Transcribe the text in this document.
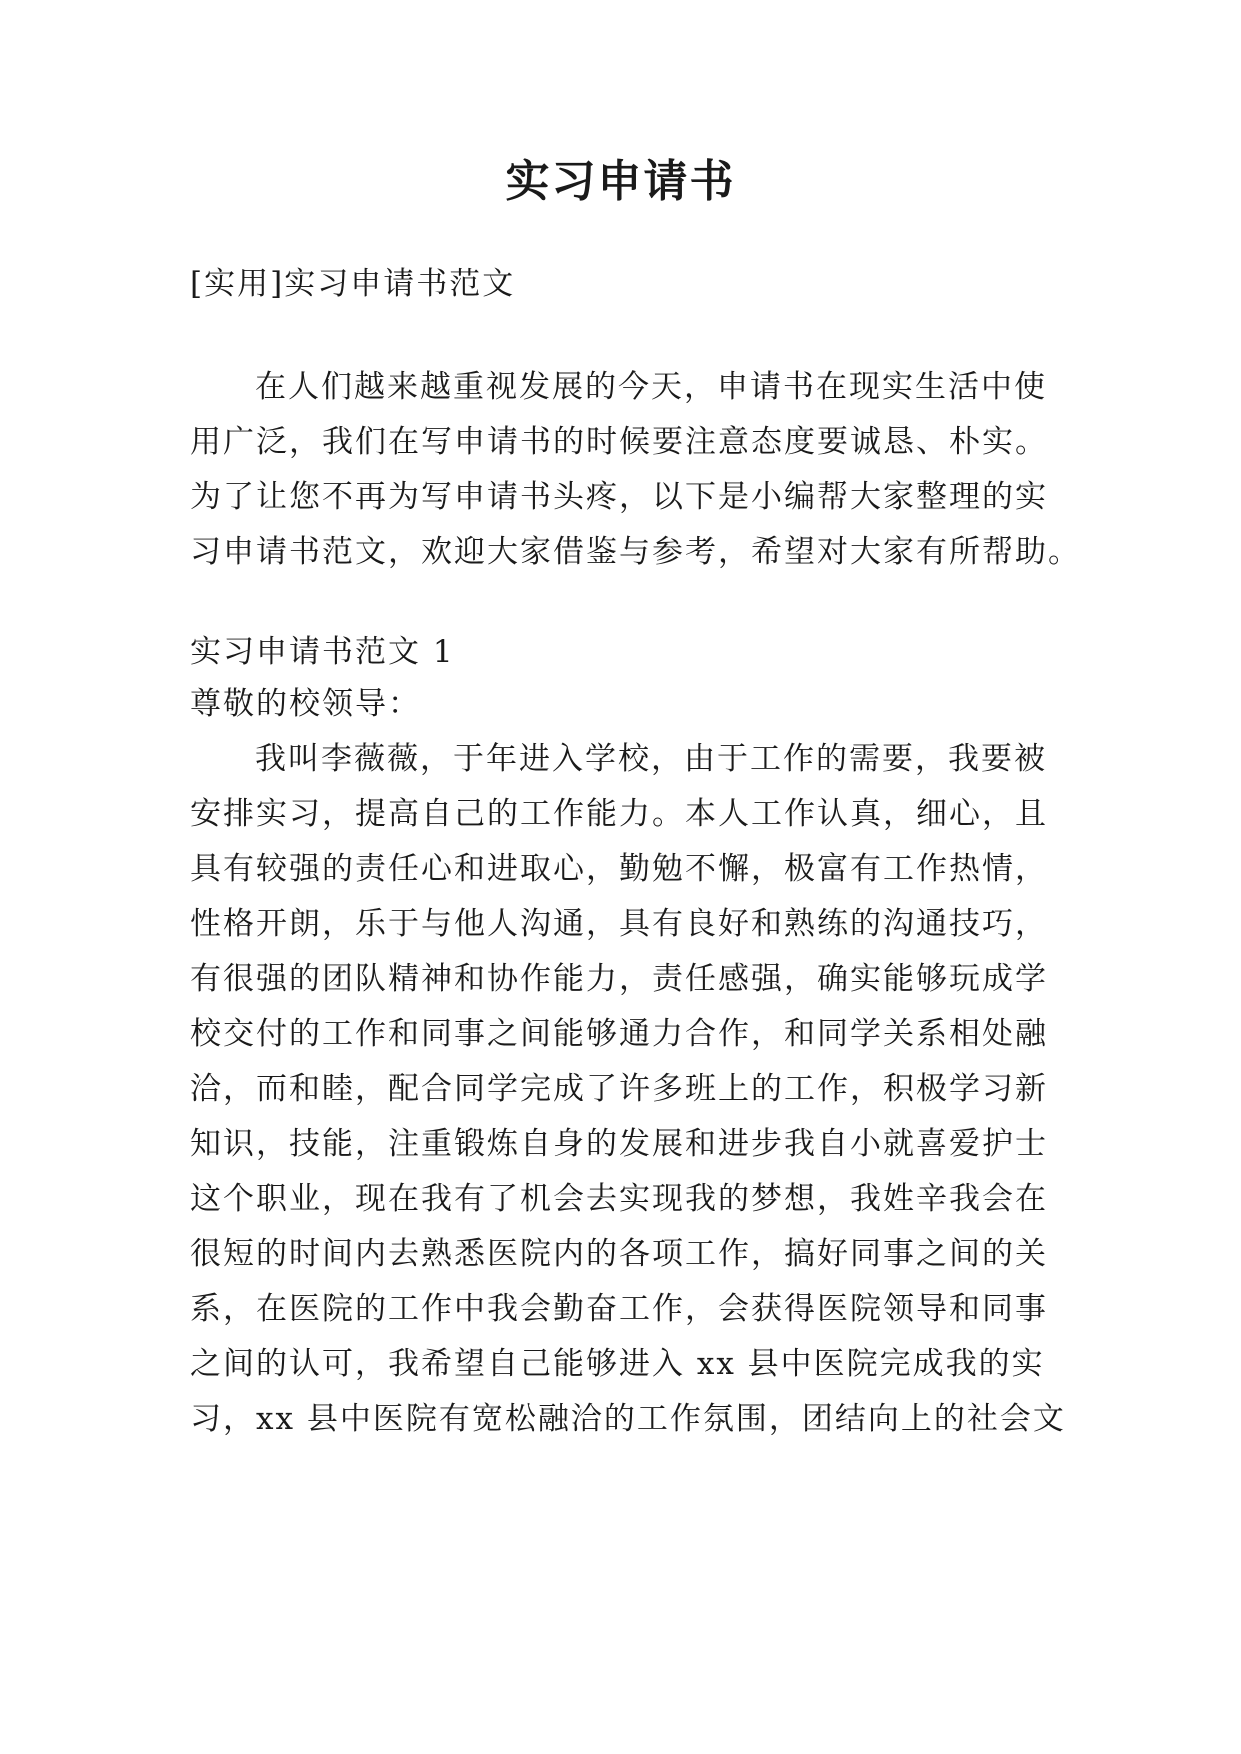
实习申请书
[实用]实习申请书范文
在人们越来越重视发展的今天，申请书在现实生活中使
用广泛，我们在写申请书的时候要注意态度要诚恳、朴实。
为了让您不再为写申请书头疼，以下是小编帮大家整理的实
习申请书范文，欢迎大家借鉴与参考，希望对大家有所帮助。
实习申请书范文 1
尊敬的校领导：
我叫李薇薇，于年进入学校，由于工作的需要，我要被
安排实习，提高自己的工作能力。本人工作认真，细心，且
具有较强的责任心和进取心，勤勉不懈，极富有工作热情，
性格开朗，乐于与他人沟通，具有良好和熟练的沟通技巧，
有很强的团队精神和协作能力，责任感强，确实能够玩成学
校交付的工作和同事之间能够通力合作，和同学关系相处融
洽，而和睦，配合同学完成了许多班上的工作，积极学习新
知识，技能，注重锻炼自身的发展和进步我自小就喜爱护士
这个职业，现在我有了机会去实现我的梦想，我姓辛我会在
很短的时间内去熟悉医院内的各项工作，搞好同事之间的关
系，在医院的工作中我会勤奋工作，会获得医院领导和同事
之间的认可，我希望自己能够进入 xx 县中医院完成我的实
习，xx 县中医院有宽松融洽的工作氛围，团结向上的社会文
